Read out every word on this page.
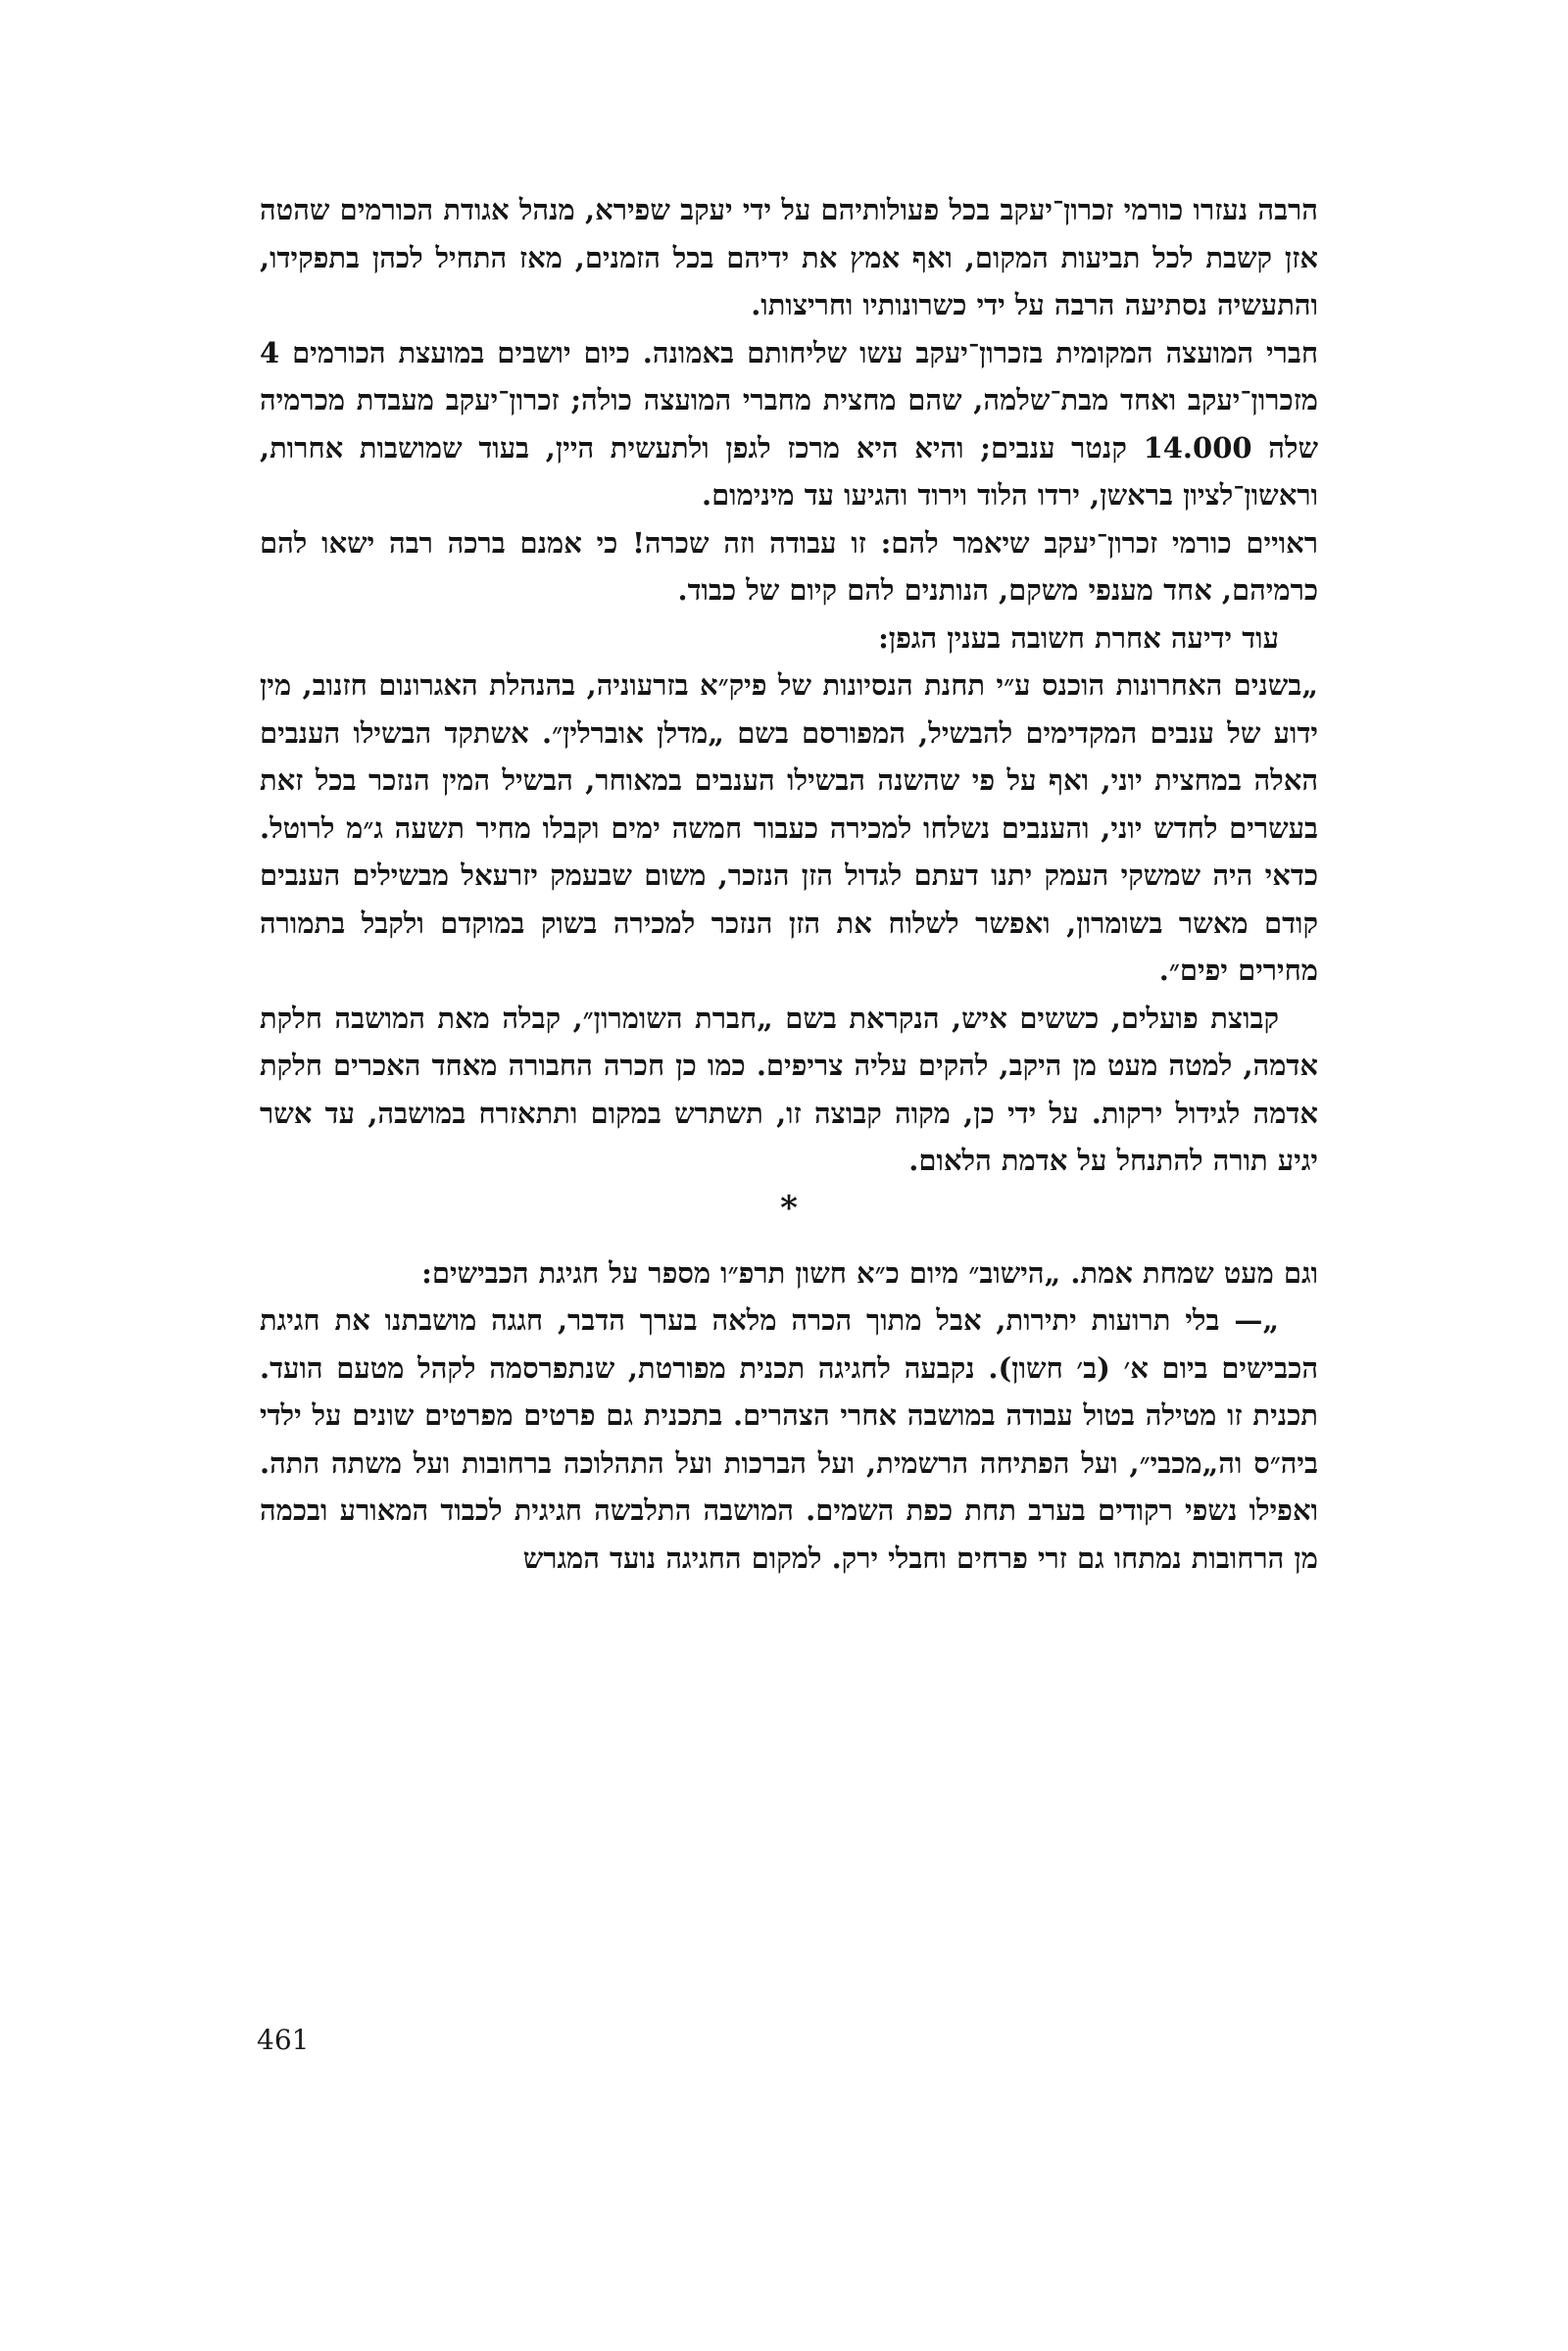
הרבה נעזרו כורמי זכרון־יעקב בכל פעולותיהם על ידי יעקב שפירא, מנהל אגודת הכורמים שהטה אזן קשבת לכל תביעות המקום, ואף אמץ את ידיהם בכל הזמנים, מאז התחיל לכהן בתפקידו, והתעשיה נסתיעה הרבה על ידי כשרונותיו וחריצותו.

חברי המועצה המקומית בזכרון־יעקב עשו שליחותם באמונה. כיום יושבים במועצת הכורמים 4 מזכרון־יעקב ואחד מבת־שלמה, שהם מחצית מחברי המועצה כולה; זכרון־יעקב מעבדת מכרמיה שלה 14.000 קנטר ענבים; והיא היא מרכז לגפן ולתעשית היין, בעוד שמושבות אחרות, וראשון־לציון בראשן, ירדו הלוד וירוד והגיעו עד מינימום.

ראויים כורמי זכרון־יעקב שיאמר להם: זו עבודה וזה שכרה! כי אמנם ברכה רבה ישאו להם כרמיהם, אחד מענפי משקם, הנותנים להם קיום של כבוד.

עוד ידיעה אחרת חשובה בענין הגפן:

„בשנים האחרונות הוכנס ע״י תחנת הנסיונות של פיק״א בזרעוניה, בהנהלת האגרונום חזנוב, מין ידוע של ענבים המקדימים להבשיל, המפורסם בשם „מדלן אוברלין״. אשתקד הבשילו הענבים האלה במחצית יוני, ואף על פי שהשנה הבשילו הענבים במאוחר, הבשיל המין הנזכר בכל זאת בעשרים לחדש יוני, והענבים נשלחו למכירה כעבור חמשה ימים וקבלו מחיר תשעה ג״מ לרוטל. כדאי היה שמשקי העמק יתנו דעתם לגדול הזן הנזכר, משום שבעמק יזרעאל מבשילים הענבים קודם מאשר בשומרון, ואפשר לשלוח את הזן הנזכר למכירה בשוק במוקדם ולקבל בתמורה מחירים יפים״.

קבוצת פועלים, כששים איש, הנקראת בשם „חברת השומרון״, קבלה מאת המושבה חלקת אדמה, למטה מעט מן היקב, להקים עליה צריפים. כמו כן חכרה החבורה מאחד האכרים חלקת אדמה לגידול ירקות. על ידי כן, מקוה קבוצה זו, תשתרש במקום ותתאזרח במושבה, עד אשר יגיע תורה להתנחל על אדמת הלאום.

*

וגם מעט שמחת אמת. „הישוב״ מיום כ״א חשון תרפ״ו מספר על חגיגת הכבישים:

„— בלי תרועות יתירות, אבל מתוך הכרה מלאה בערך הדבר, חגגה מושבתנו את חגיגת הכבישים ביום א׳ (ב׳ חשון). נקבעה לחגיגה תכנית מפורטת, שנתפרסמה לקהל מטעם הועד. תכנית זו מטילה בטול עבודה במושבה אחרי הצהרים. בתכנית גם פרטים מפרטים שונים על ילדי ביה״ס וה„מכבי״, ועל הפתיחה הרשמית, ועל הברכות ועל התהלוכה ברחובות ועל משתה התה. ואפילו נשפי רקודים בערב תחת כפת השמים. המושבה התלבשה חגיגית לכבוד המאורע ובכמה מן הרחובות נמתחו גם זרי פרחים וחבלי ירק. למקום החגיגה נועד המגרש

461
